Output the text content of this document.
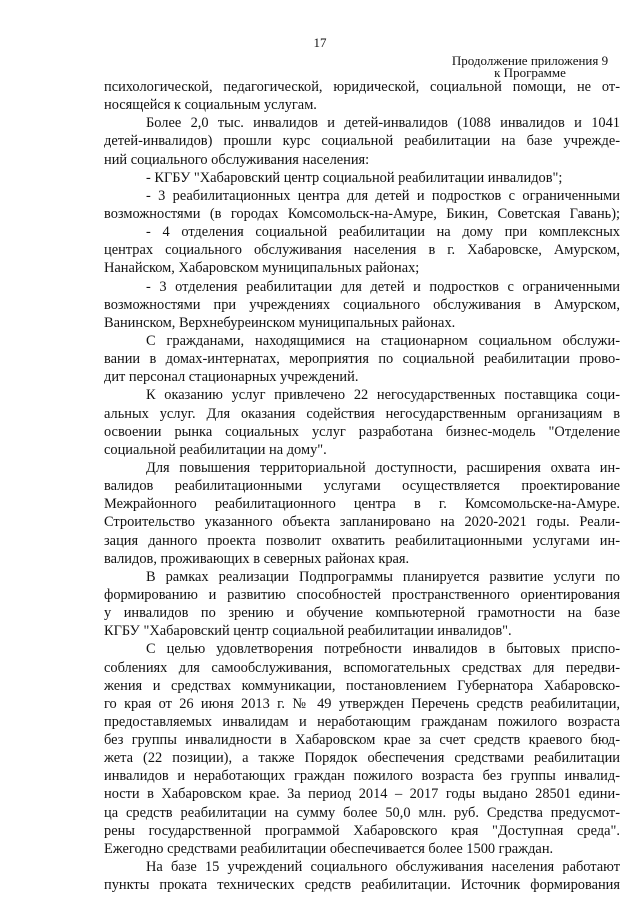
17
Продолжение приложения 9
к Программе
психологической, педагогической, юридической, социальной помощи, не от-
носящейся к социальным услугам.
Более 2,0 тыс. инвалидов и детей-инвалидов (1088 инвалидов и 1041
детей-инвалидов) прошли курс социальной реабилитации на базе учрежде-
ний социального обслуживания населения:
- КГБУ "Хабаровский центр социальной реабилитации инвалидов";
- 3 реабилитационных центра для детей и подростков с ограниченными
возможностями (в городах Комсомольск-на-Амуре, Бикин, Советская Гавань);
- 4 отделения социальной реабилитации на дому при комплексных
центрах социального обслуживания населения в г. Хабаровске, Амурском,
Нанайском, Хабаровском муниципальных районах;
- 3 отделения реабилитации для детей и подростков с ограниченными
возможностями при учреждениях социального обслуживания в Амурском,
Ванинском, Верхнебуреинском муниципальных районах.
С гражданами, находящимися на стационарном социальном обслужи-
вании в домах-интернатах, мероприятия по социальной реабилитации прово-
дит персонал стационарных учреждений.
К оказанию услуг привлечено 22 негосударственных поставщика соци-
альных услуг. Для оказания содействия негосударственным организациям в
освоении рынка социальных услуг разработана бизнес-модель "Отделение
социальной реабилитации на дому".
Для повышения территориальной доступности, расширения охвата ин-
валидов реабилитационными услугами осуществляется проектирование
Межрайонного реабилитационного центра в г. Комсомольске-на-Амуре.
Строительство указанного объекта запланировано на 2020-2021 годы. Реали-
зация данного проекта позволит охватить реабилитационными услугами ин-
валидов, проживающих в северных районах края.
В рамках реализации Подпрограммы планируется развитие услуги по
формированию и развитию способностей пространственного ориентирования
у инвалидов по зрению и обучение компьютерной грамотности на базе
КГБУ "Хабаровский центр социальной реабилитации инвалидов".
С целью удовлетворения потребности инвалидов в бытовых приспо-
соблениях для самообслуживания, вспомогательных средствах для передви-
жения и средствах коммуникации, постановлением Губернатора Хабаровско-
го края от 26 июня 2013 г. № 49 утвержден Перечень средств реабилитации,
предоставляемых инвалидам и неработающим гражданам пожилого возраста
без группы инвалидности в Хабаровском крае за счет средств краевого бюд-
жета (22 позиции), а также Порядок обеспечения средствами реабилитации
инвалидов и неработающих граждан пожилого возраста без группы инвалид-
ности в Хабаровском крае. За период 2014 – 2017 годы выдано 28501 едини-
ца средств реабилитации на сумму более 50,0 млн. руб. Средства предусмот-
рены государственной программой Хабаровского края "Доступная среда".
Ежегодно средствами реабилитации обеспечивается более 1500 граждан.
На базе 15 учреждений социального обслуживания населения работают
пункты проката технических средств реабилитации. Источник формирования
